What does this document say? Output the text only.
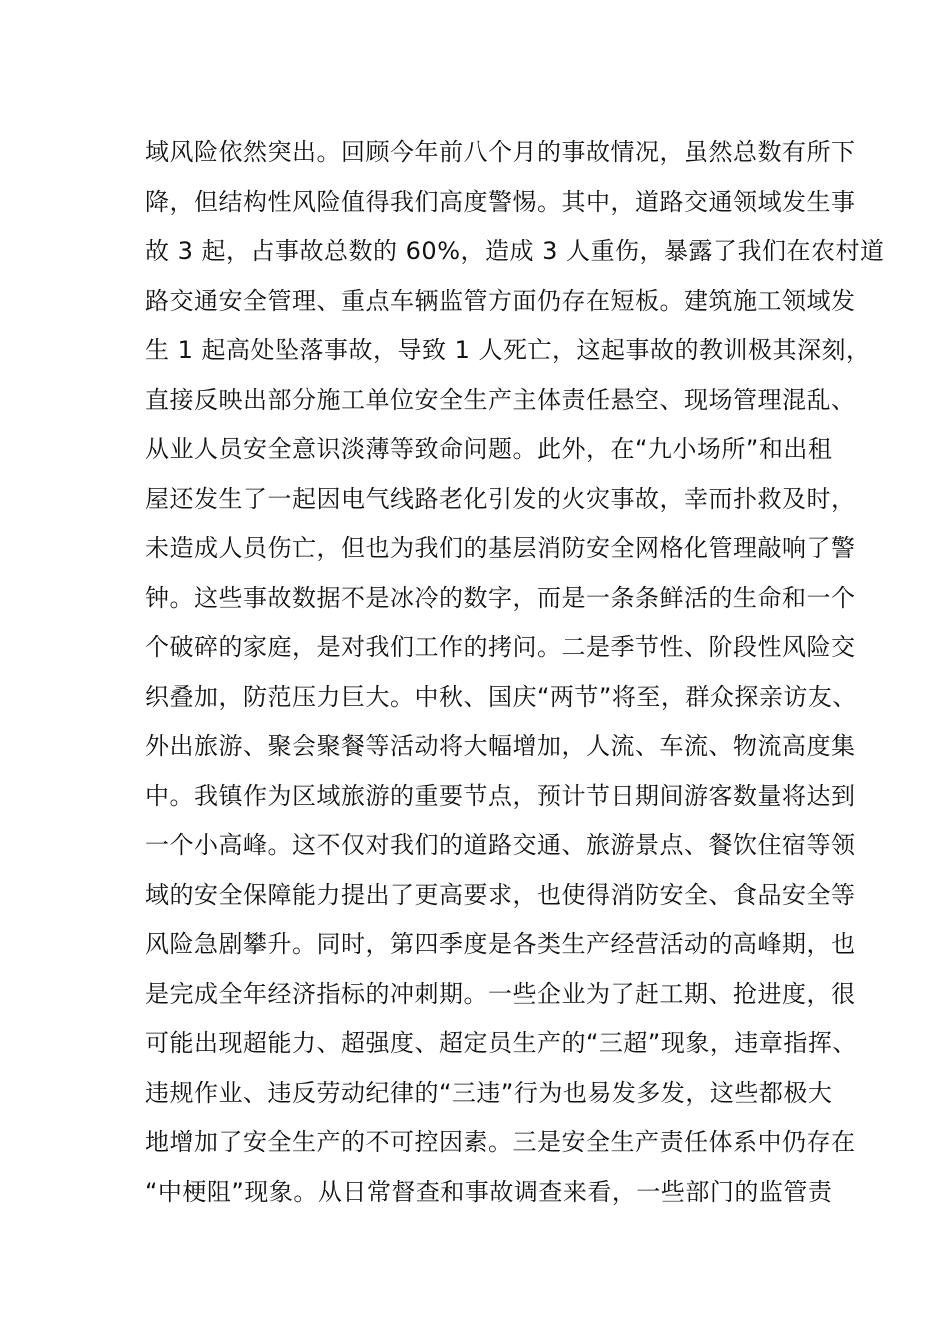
域风险依然突出。回顾今年前八个月的事故情况，虽然总数有所下
降，但结构性风险值得我们高度警惕。其中，道路交通领域发生事
故 3 起，占事故总数的 60%，造成 3 人重伤，暴露了我们在农村道
路交通安全管理、重点车辆监管方面仍存在短板。建筑施工领域发
生 1 起高处坠落事故，导致 1 人死亡，这起事故的教训极其深刻，
直接反映出部分施工单位安全生产主体责任悬空、现场管理混乱、
从业人员安全意识淡薄等致命问题。此外，在“九小场所”和出租
屋还发生了一起因电气线路老化引发的火灾事故，幸而扑救及时，
未造成人员伤亡，但也为我们的基层消防安全网格化管理敲响了警
钟。这些事故数据不是冰冷的数字，而是一条条鲜活的生命和一个
个破碎的家庭，是对我们工作的拷问。二是季节性、阶段性风险交
织叠加，防范压力巨大。中秋、国庆“两节”将至，群众探亲访友、
外出旅游、聚会聚餐等活动将大幅增加，人流、车流、物流高度集
中。我镇作为区域旅游的重要节点，预计节日期间游客数量将达到
一个小高峰。这不仅对我们的道路交通、旅游景点、餐饮住宿等领
域的安全保障能力提出了更高要求，也使得消防安全、食品安全等
风险急剧攀升。同时，第四季度是各类生产经营活动的高峰期，也
是完成全年经济指标的冲刺期。一些企业为了赶工期、抢进度，很
可能出现超能力、超强度、超定员生产的“三超”现象，违章指挥、
违规作业、违反劳动纪律的“三违”行为也易发多发，这些都极大
地增加了安全生产的不可控因素。三是安全生产责任体系中仍存在
“中梗阻”现象。从日常督查和事故调查来看，一些部门的监管责
